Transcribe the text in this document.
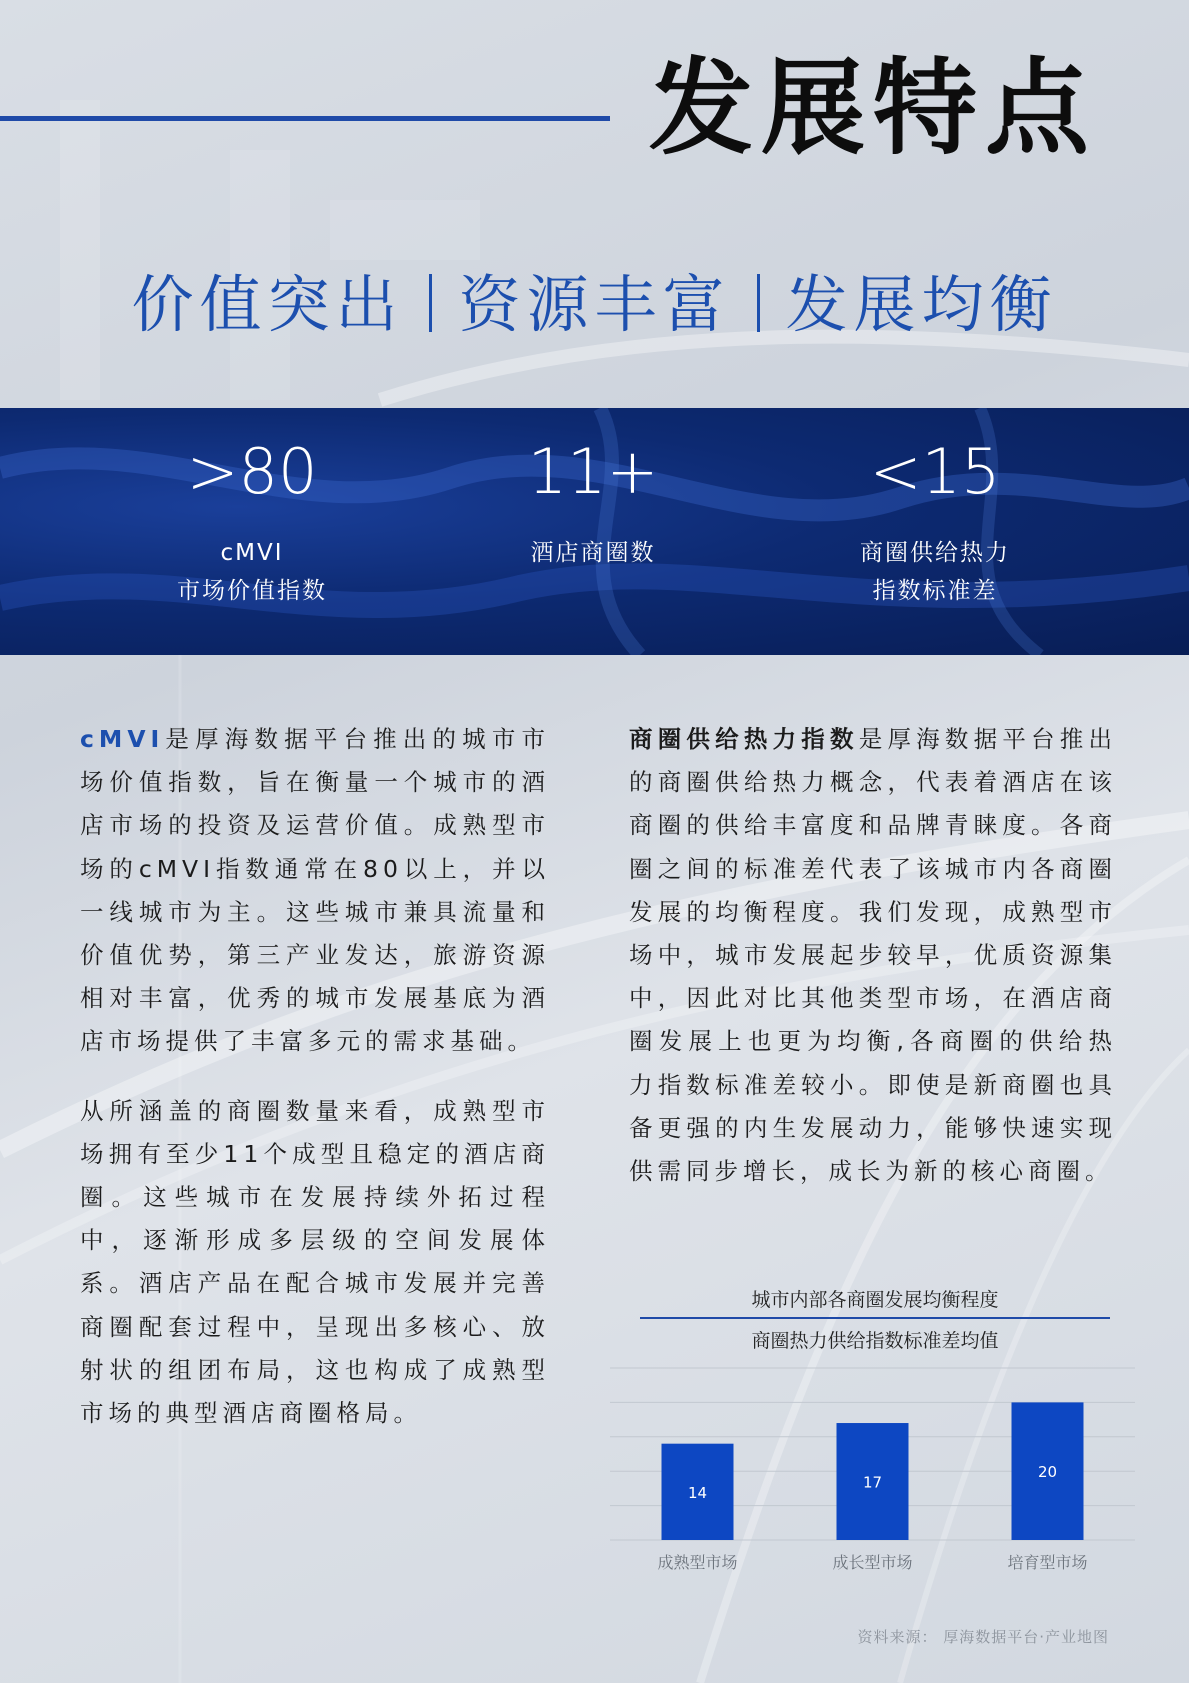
发展特点
价值突出 资源丰富 发展均衡
>80
cMVI
市场价值指数
11+
酒店商圈数
<15
商圈供给热力
指数标准差

cMVI是厚海数据平台推出的城市市场价值指数，旨在衡量一个城市的酒店市场的投资及运营价值。成熟型市场的cMVI指数通常在80以上，并以一线城市为主。这些城市兼具流量和价值优势，第三产业发达，旅游资源相对丰富，优秀的城市发展基底为酒店市场提供了丰富多元的需求基础。

从所涵盖的商圈数量来看，成熟型市场拥有至少11个成型且稳定的酒店商圈。这些城市在发展持续外拓过程中，逐渐形成多层级的空间发展体系。酒店产品在配合城市发展并完善商圈配套过程中，呈现出多核心、放射状的组团布局，这也构成了成熟型市场的典型酒店商圈格局。

商圈供给热力指数是厚海数据平台推出的商圈供给热力概念，代表着酒店在该商圈的供给丰富度和品牌青睐度。各商圈之间的标准差代表了该城市内各商圈发展的均衡程度。我们发现，成熟型市场中，城市发展起步较早，优质资源集中，因此对比其他类型市场，在酒店商圈发展上也更为均衡,各商圈的供给热力指数标准差较小。即使是新商圈也具备更强的内生发展动力，能够快速实现供需同步增长，成长为新的核心商圈。

城市内部各商圈发展均衡程度
商圈热力供给指数标准差均值
14
成熟型市场
17
成长型市场
20
培育型市场
资料来源： 厚海数据平台·产业地图
